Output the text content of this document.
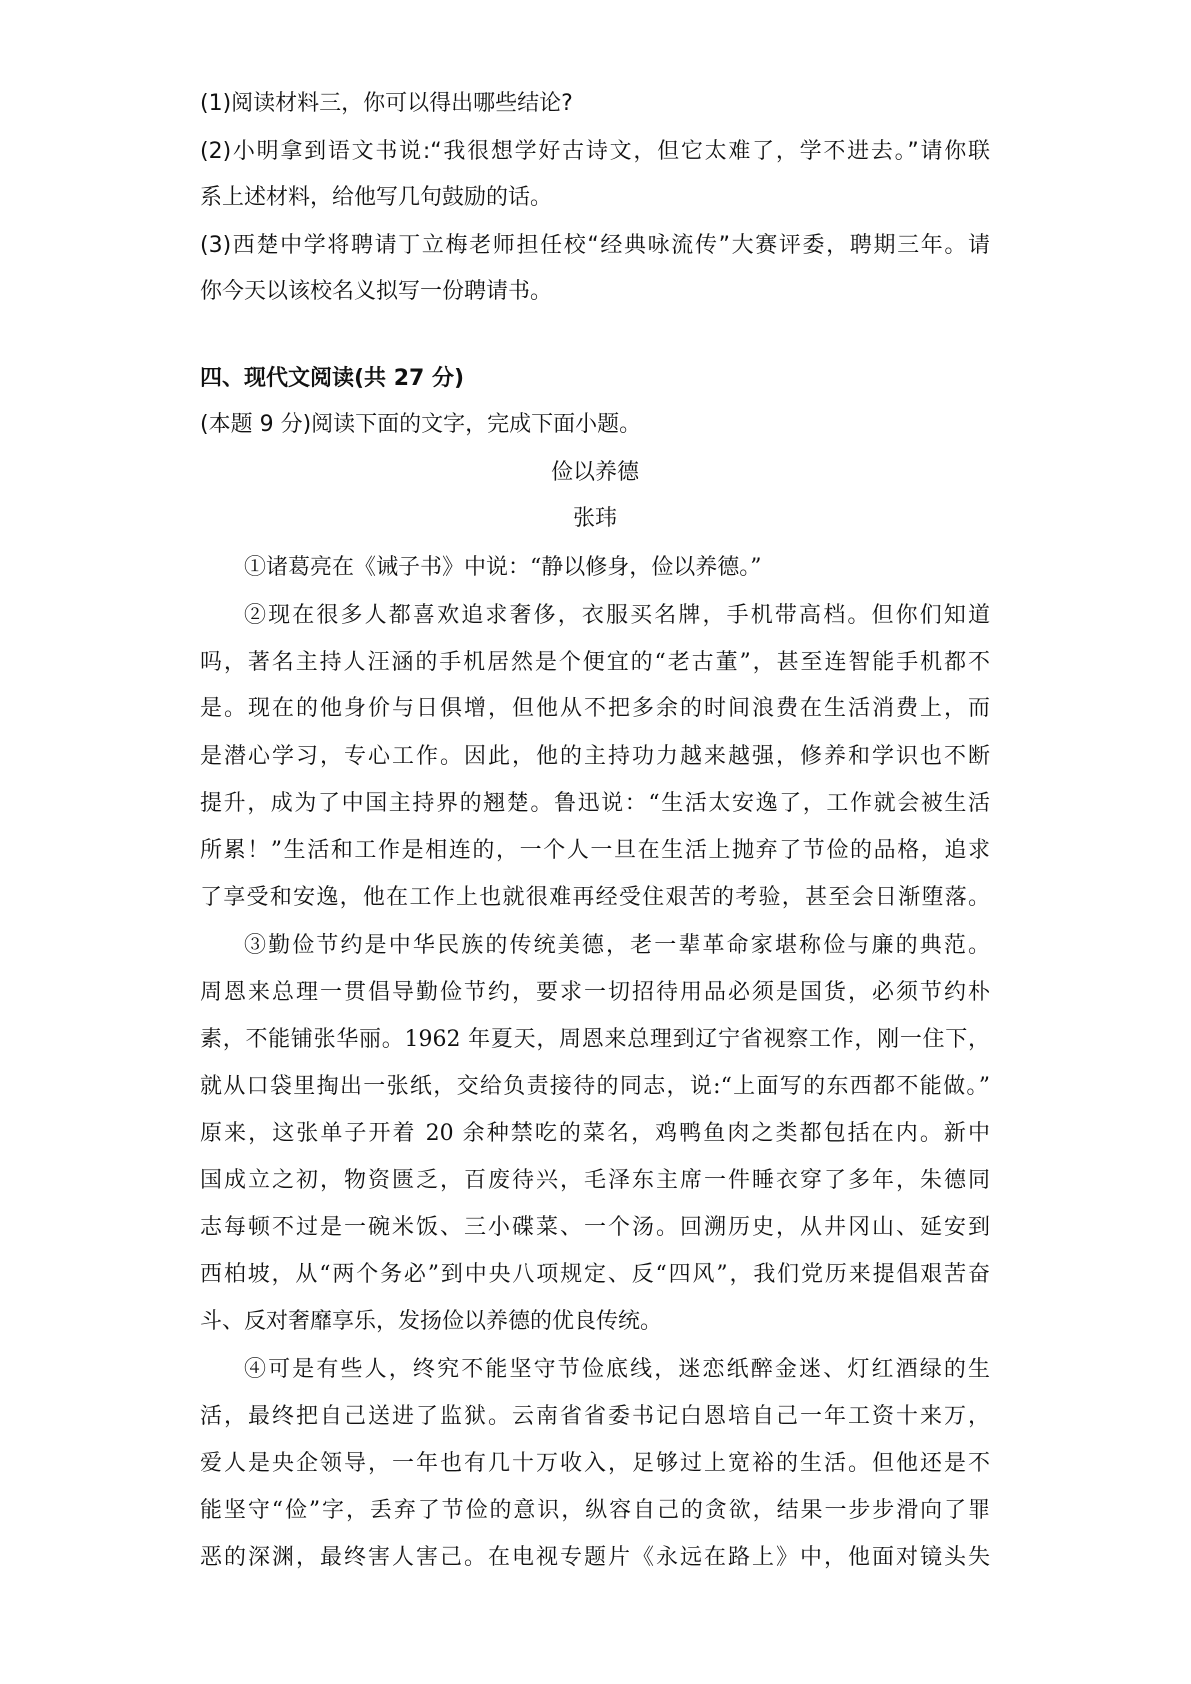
(1)阅读材料三，你可以得出哪些结论?
(2)小明拿到语文书说:“我很想学好古诗文，但它太难了，学不进去。”请你联
系上述材料，给他写几句鼓励的话。
(3)西楚中学将聘请丁立梅老师担任校“经典咏流传”大赛评委，聘期三年。请
你今天以该校名义拟写一份聘请书。
四、现代文阅读(共 27 分)
(本题 9 分)阅读下面的文字，完成下面小题。
俭以养德
张玮
①诸葛亮在《诫子书》中说：“静以修身，俭以养德。”
②现在很多人都喜欢追求奢侈，衣服买名牌，手机带高档。但你们知道
吗，著名主持人汪涵的手机居然是个便宜的“老古董”，甚至连智能手机都不
是。现在的他身价与日俱增，但他从不把多余的时间浪费在生活消费上，而
是潜心学习，专心工作。因此，他的主持功力越来越强，修养和学识也不断
提升，成为了中国主持界的翘楚。鲁迅说：“生活太安逸了，工作就会被生活
所累！”生活和工作是相连的，一个人一旦在生活上抛弃了节俭的品格，追求
了享受和安逸，他在工作上也就很难再经受住艰苦的考验，甚至会日渐堕落。
③勤俭节约是中华民族的传统美德，老一辈革命家堪称俭与廉的典范。
周恩来总理一贯倡导勤俭节约，要求一切招待用品必须是国货，必须节约朴
素，不能铺张华丽。1962 年夏天，周恩来总理到辽宁省视察工作，刚一住下，
就从口袋里掏出一张纸，交给负责接待的同志，说:“上面写的东西都不能做。”
原来，这张单子开着 20 余种禁吃的菜名，鸡鸭鱼肉之类都包括在内。新中
国成立之初，物资匮乏，百废待兴，毛泽东主席一件睡衣穿了多年，朱德同
志每顿不过是一碗米饭、三小碟菜、一个汤。回溯历史，从井冈山、延安到
西柏坡，从“两个务必”到中央八项规定、反“四风”，我们党历来提倡艰苦奋
斗、反对奢靡享乐，发扬俭以养德的优良传统。
④可是有些人，终究不能坚守节俭底线，迷恋纸醉金迷、灯红酒绿的生
活，最终把自己送进了监狱。云南省省委书记白恩培自己一年工资十来万，
爱人是央企领导，一年也有几十万收入，足够过上宽裕的生活。但他还是不
能坚守“俭”字，丢弃了节俭的意识，纵容自己的贪欲，结果一步步滑向了罪
恶的深渊，最终害人害己。在电视专题片《永远在路上》中，他面对镜头失
